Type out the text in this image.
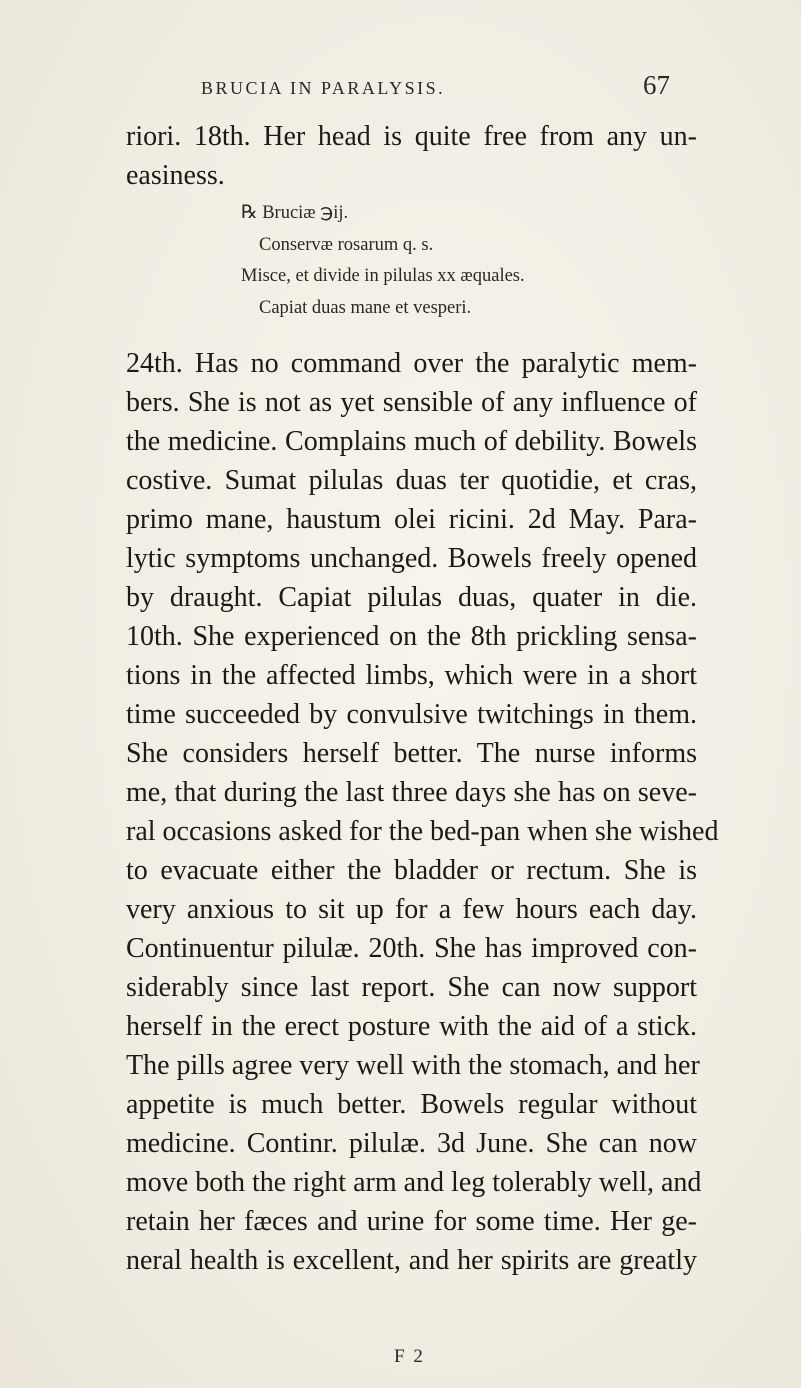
BRUCIA IN PARALYSIS.	67
riori. 18th. Her head is quite free from any un-
easiness.
℞ Bruciæ ℈ij.
Conservæ rosarum q. s.
Misce, et divide in pilulas xx æquales.
Capiat duas mane et vesperi.
24th. Has no command over the paralytic mem-
bers. She is not as yet sensible of any influence of
the medicine. Complains much of debility. Bowels
costive. Sumat pilulas duas ter quotidie, et cras,
primo mane, haustum olei ricini. 2d May. Para-
lytic symptoms unchanged. Bowels freely opened
by draught. Capiat pilulas duas, quater in die.
10th. She experienced on the 8th prickling sensa-
tions in the affected limbs, which were in a short
time succeeded by convulsive twitchings in them.
She considers herself better. The nurse informs
me, that during the last three days she has on seve-
ral occasions asked for the bed-pan when she wished
to evacuate either the bladder or rectum. She is
very anxious to sit up for a few hours each day.
Continuentur pilulæ. 20th. She has improved con-
siderably since last report. She can now support
herself in the erect posture with the aid of a stick.
The pills agree very well with the stomach, and her
appetite is much better. Bowels regular without
medicine. Continr. pilulæ. 3d June. She can now
move both the right arm and leg tolerably well, and
retain her fæces and urine for some time. Her ge-
neral health is excellent, and her spirits are greatly
F 2
